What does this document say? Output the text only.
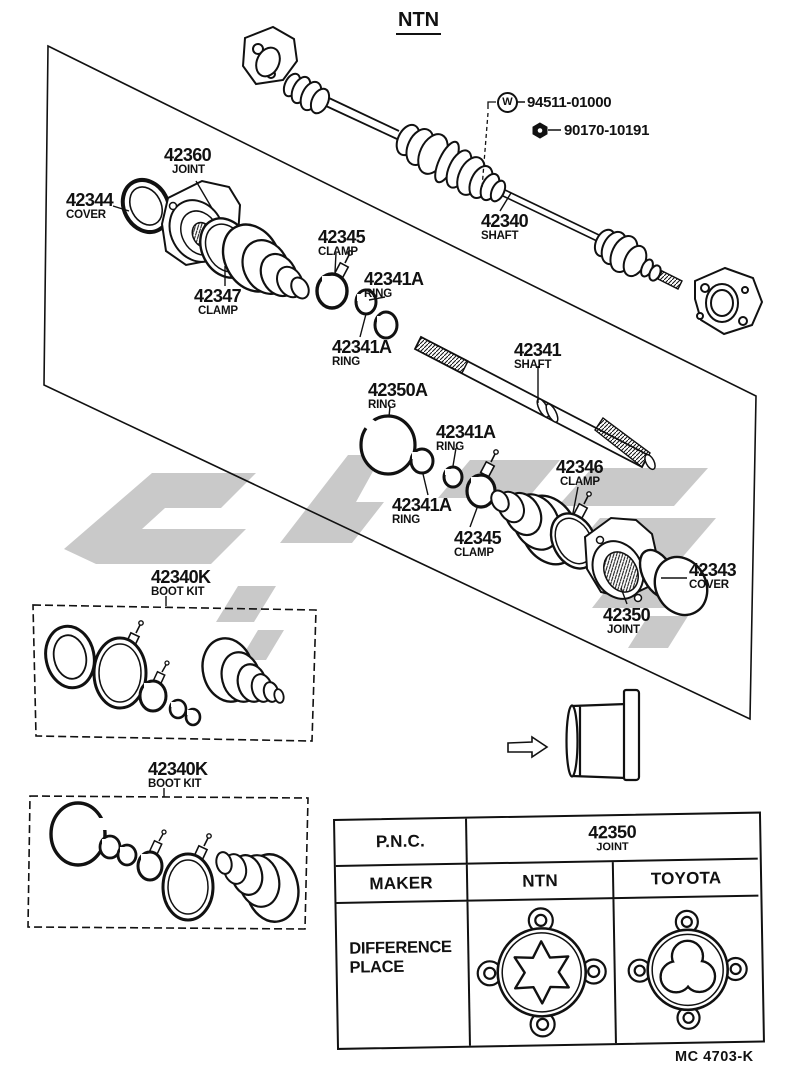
NTN
W 94511-01000
90170-10191
42360
JOINT
42344
COVER
42345
CLAMP
42341A
RING
42347
CLAMP
42340
SHAFT
42341A
RING
42341
SHAFT
42350A
RING
42341A
RING
42341A
RING
42346
CLAMP
42345
CLAMP
42343
COVER
42350
JOINT
42340K
BOOT KIT
42340K
BOOT KIT
P.N.C.	42350
JOINT
MAKER	NTN	TOYOTA
DIFFERENCE
PLACE
MC 4703-K
